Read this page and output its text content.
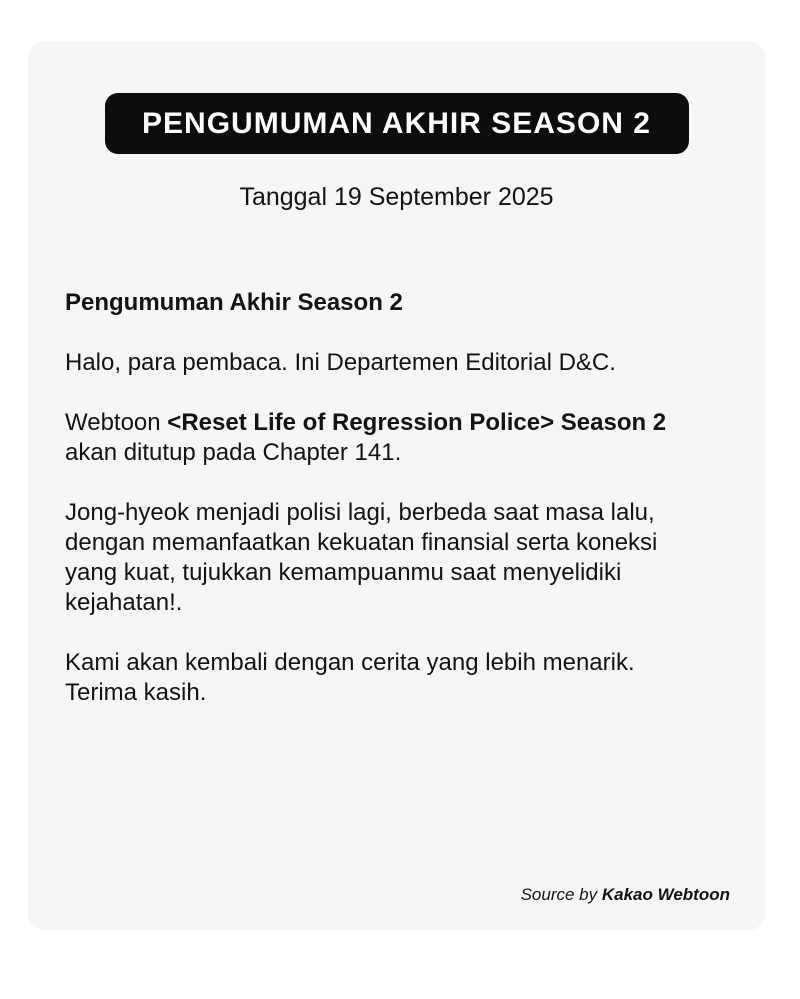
PENGUMUMAN AKHIR SEASON 2
Tanggal 19 September 2025

Pengumuman Akhir Season 2

Halo, para pembaca. Ini Departemen Editorial D&C.

Webtoon <Reset Life of Regression Police> Season 2
akan ditutup pada Chapter 141.

Jong-hyeok menjadi polisi lagi, berbeda saat masa lalu,
dengan memanfaatkan kekuatan finansial serta koneksi
yang kuat, tujukkan kemampuanmu saat menyelidiki
kejahatan!.

Kami akan kembali dengan cerita yang lebih menarik.
Terima kasih.

Source by Kakao Webtoon
